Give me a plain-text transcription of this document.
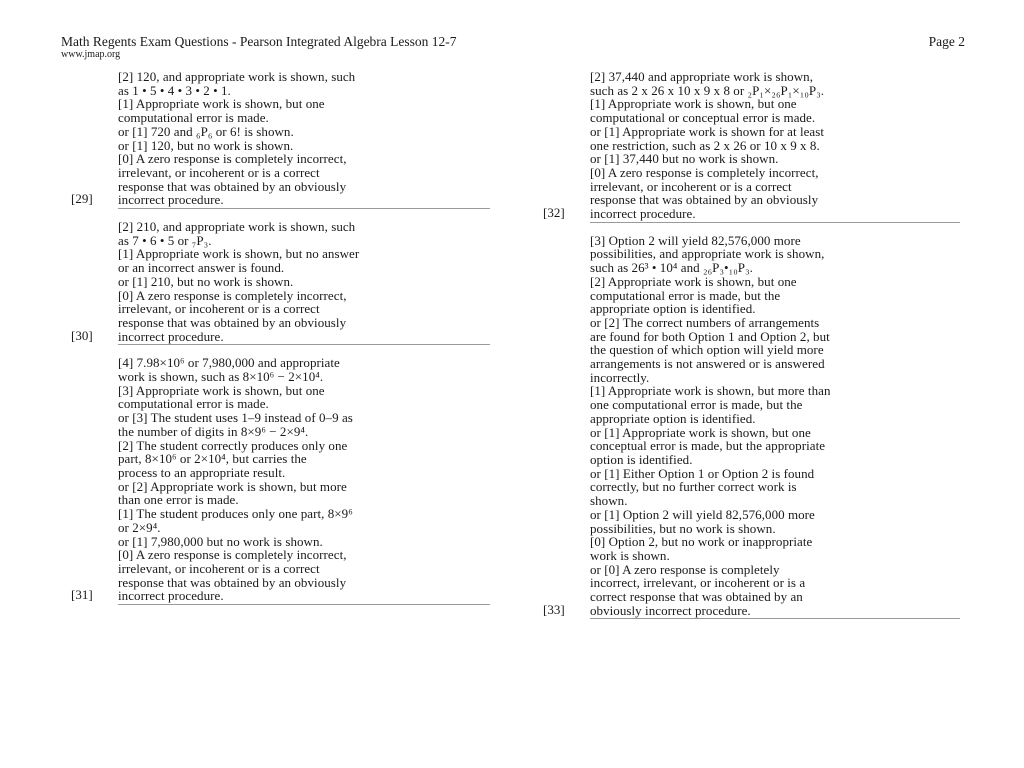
Math Regents Exam Questions - Pearson Integrated Algebra Lesson 12-7	Page 2
www.jmap.org
[29]

[2] 120, and appropriate work is shown, such

as 1 • 5 • 4 • 3 • 2 • 1.

[1] Appropriate work is shown, but one

computational error is made.

or [1] 720 and ₆P₆ or 6! is shown.

or [1] 120, but no work is shown.

[0] A zero response is completely incorrect,

irrelevant, or incoherent or is a correct

response that was obtained by an obviously

incorrect procedure.

[30]

[2] 210, and appropriate work is shown, such

as 7 • 6 • 5 or ₇P₃.

[1] Appropriate work is shown, but no answer

or an incorrect answer is found.

or [1] 210, but no work is shown.

[0] A zero response is completely incorrect,

irrelevant, or incoherent or is a correct

response that was obtained by an obviously

incorrect procedure.

[31]

[4] 7.98×10⁶ or 7,980,000 and appropriate

work is shown, such as 8×10⁶ − 2×10⁴.

[3] Appropriate work is shown, but one

computational error is made.

or [3] The student uses 1–9 instead of 0–9 as

the number of digits in 8×9⁶ − 2×9⁴.

[2] The student correctly produces only one

part, 8×10⁶ or 2×10⁴, but carries the

process to an appropriate result.

or [2] Appropriate work is shown, but more

than one error is made.

[1] The student produces only one part, 8×9⁶

or 2×9⁴.

or [1] 7,980,000 but no work is shown.

[0] A zero response is completely incorrect,

irrelevant, or incoherent or is a correct

response that was obtained by an obviously

incorrect procedure.

[32]

[2] 37,440 and appropriate work is shown,

such as 2 x 26 x 10 x 9 x 8 or ₂P₁×₂₆P₁×₁₀P₃.

[1] Appropriate work is shown, but one

computational or conceptual error is made.

or [1] Appropriate work is shown for at least

one restriction, such as 2 x 26 or 10 x 9 x 8.

or [1] 37,440 but no work is shown.

[0] A zero response is completely incorrect,

irrelevant, or incoherent or is a correct

response that was obtained by an obviously

incorrect procedure.

[33]

[3] Option 2 will yield 82,576,000 more

possibilities, and appropriate work is shown,

such as 26³ • 10⁴ and ₂₆P₃•₁₀P₃.

[2] Appropriate work is shown, but one

computational error is made, but the

appropriate option is identified.

or [2] The correct numbers of arrangements

are found for both Option 1 and Option 2, but

the question of which option will yield more

arrangements is not answered or is answered

incorrectly.

[1] Appropriate work is shown, but more than

one computational error is made, but the

appropriate option is identified.

or [1] Appropriate work is shown, but one

conceptual error is made, but the appropriate

option is identified.

or [1] Either Option 1 or Option 2 is found

correctly, but no further correct work is

shown.

or [1] Option 2 will yield 82,576,000 more

possibilities, but no work is shown.

[0] Option 2, but no work or inappropriate

work is shown.

or [0] A zero response is completely

incorrect, irrelevant, or incoherent or is a

correct response that was obtained by an

obviously incorrect procedure.
